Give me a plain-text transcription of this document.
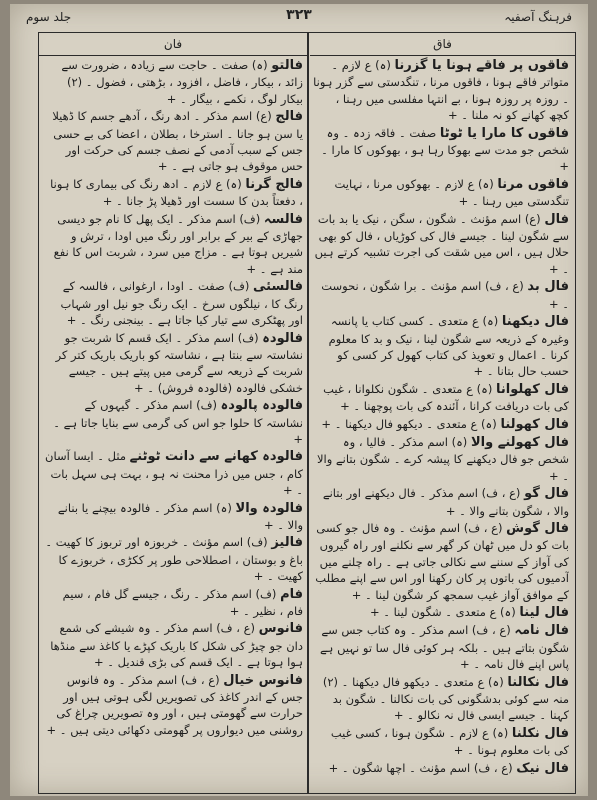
فرہنگ آصفیہ
۳۲۳
جلد سوم
فاق
فان

فاقوں پر فاقے ہونا یا گزرنا (ہ) ع لازم ۔ متواتر فاقے ہونا ، فاقوں مرنا ، تنگدستی سے گزر ہونا ۔ روزہ پر روزہ ہونا ، بے انتہا مفلسی میں رہنا ، کچھ کھانے کو نہ ملنا ۔ +

فاقوں کا مارا یا ٹوٹا صفت ۔ فاقہ زدہ ۔ وہ شخص جو مدت سے بھوکا رہا ہو ، بھوکوں کا مارا ۔ +

فاقوں مرنا (ہ) ع لازم ۔ بھوکوں مرنا ، نہایت تنگدستی میں رہنا ۔ +

فال (ع) اسم مؤنث ۔ شگون ، سگن ، نیک یا بد بات سے شگون لینا ۔ جیسے فال کی کوڑیاں ، فال کو بھی حلال ہیں ، اس میں شقت کی اجرت تشبیہ کرتے ہیں ۔ +

فال بد (ع ، ف) اسم مؤنث ۔ برا شگون ، نحوست ۔ +

فال دیکھنا (ہ) ع متعدی ۔ کسی کتاب یا پانسہ وغیرہ کے ذریعہ سے شگون لینا ، نیک و بد کا معلوم کرنا ۔ اعمال و تعویذ کی کتاب کھول کر کسی کو حسب حال بتانا ۔ +

فال کھلوانا (ہ) ع متعدی ۔ شگون نکلوانا ، غیب کی بات دریافت کرانا ، آئندہ کی بات پوچھنا ۔ +

فال کھولنا (ہ) ع متعدی ۔ دیکھو فال دیکھنا ۔ +

فال کھولنے والا (ہ) اسم مذکر ۔ فالیا ، وہ شخص جو فال دیکھنے کا پیشہ کرے ۔ شگون بتانے والا ۔ +

فال گو (ع ، ف) اسم مذکر ۔ فال دیکھنے اور بتانے والا ، شگون بتانے والا ۔ +

فال گوش (ع ، ف) اسم مؤنث ۔ وہ فال جو کسی بات کو دل میں ٹھان کر گھر سے نکلنے اور راہ گیروں کی آواز کے سننے سے نکالی جاتی ہے ۔ راہ چلنے میں آدمیوں کی باتوں پر کان رکھنا اور اس سے اپنے مطلب کے موافق آواز غیب سمجھ کر شگون لینا ۔ +

فال لینا (ہ) ع متعدی ۔ شگون لینا ۔ +

فال نامہ (ع ، ف) اسم مذکر ۔ وہ کتاب جس سے شگون بتاتے ہیں ۔ بلکہ ہر کوئی فال سا تو نہیں ہے پاس اپنے فال نامہ ۔ +

فال نکالنا (ہ) ع متعدی ۔ دیکھو فال دیکھنا ۔ (۲) منہ سے کوئی بدشگونی کی بات نکالنا ۔ شگون بد کہنا ۔ جیسے ایسی فال نہ نکالو ۔ +

فال نکلنا (ہ) ع لازم ۔ شگون ہونا ، کسی غیب کی بات معلوم ہونا ۔ +

فال نیک (ع ، ف) اسم مؤنث ۔ اچھا شگون ۔ +

فالتو (ہ) صفت ۔ حاجت سے زیادہ ، ضرورت سے زائد ، بیکار ، فاضل ، افزود ، بڑھتی ، فضول ۔ (۲) بیکار لوگ ، نکمے ، بیگار ۔ +

فالج (ع) اسم مذکر ۔ ادھ رنگ ، آدھے جسم کا ڈھیلا یا سن ہو جانا ۔ استرخا ، بطلان ، اعضا کی بے حسی جس کے سبب آدمی کے نصف جسم کی حرکت اور حس موقوف ہو جاتی ہے ۔ +

فالج گرنا (ہ) ع لازم ۔ ادھ رنگ کی بیماری کا ہونا ، دفعتاً بدن کا سست اور ڈھیلا پڑ جانا ۔ +

فالسہ (ف) اسم مذکر ۔ ایک پھل کا نام جو دیسی جھاڑی کے بیر کے برابر اور رنگ میں اودا ، ترش و شیریں ہوتا ہے ۔ مزاج میں سرد ، شربت اس کا نفع مند ہے ۔ +

فالسئی (ف) صفت ۔ اودا ، ارغوانی ، فالسہ کے رنگ کا ، نیلگوں سرخ ۔ ایک رنگ جو نیل اور شہاب اور پھٹکری سے تیار کیا جاتا ہے ۔ بینجنی رنگ ۔ +

فالودہ (ف) اسم مذکر ۔ ایک قسم کا شربت جو نشاستہ سے بنتا ہے ، نشاستہ کو باریک باریک کتر کر شربت کے ذریعہ سے گرمی میں پیتے ہیں ۔ جیسے خشکی فالودہ (فالودہ فروش) ۔ +

فالودہ پالودہ (ف) اسم مذکر ۔ گیہوں کے نشاستہ کا حلوا جو اس کی گرمی سے بنایا جاتا ہے ۔ +

فالودہ کھانے سے دانت ٹوٹنے مثل ۔ ایسا آسان کام ، جس میں ذرا محنت نہ ہو ، بہت ہی سہل بات ۔ +

فالودہ والا (ہ) اسم مذکر ۔ فالودہ بیچنے یا بنانے والا ۔ +

فالیز (ف) اسم مؤنث ۔ خربوزہ اور تربوز کا کھیت ۔ باغ و بوستان ، اصطلاحی طور پر ککڑی ، خربوزے کا کھیت ۔ +

فام (ف) اسم مذکر ۔ رنگ ، جیسے گل فام ، سیم فام ، نظیر ۔ +

فانوس (ع ، ف) اسم مذکر ۔ وہ شیشے کی شمع دان جو چیڑ کی شکل کا باریک کپڑے یا کاغذ سے منڈھا ہوا ہوتا ہے ۔ ایک قسم کی بڑی قندیل ۔ +

فانوس خیال (ع ، ف) اسم مذکر ۔ وہ فانوس جس کے اندر کاغذ کی تصویریں لگی ہوتی ہیں اور حرارت سے گھومتی ہیں ، اور وہ تصویریں چراغ کی روشنی میں دیواروں پر گھومتی دکھائی دیتی ہیں ۔ +
